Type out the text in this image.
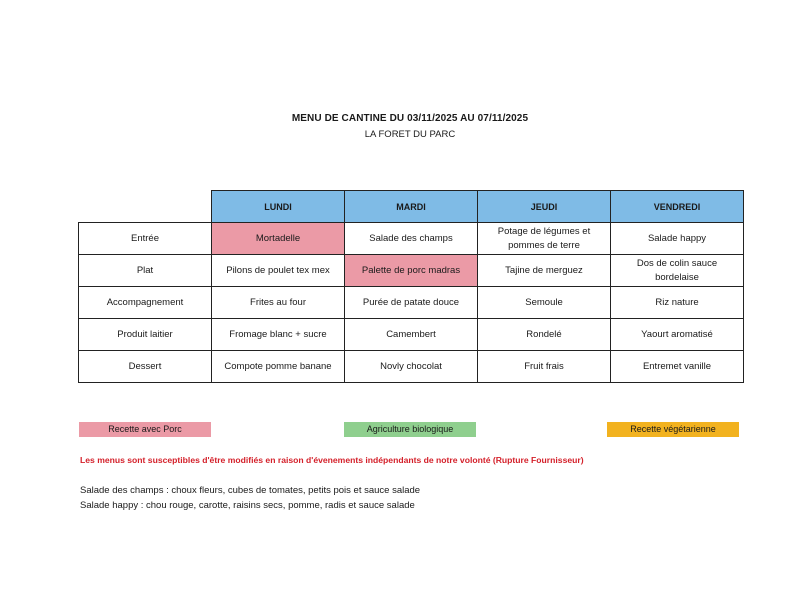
MENU DE CANTINE DU 03/11/2025 AU 07/11/2025
LA FORET DU PARC
	LUNDI	MARDI	JEUDI	VENDREDI
Entrée	Mortadelle	Salade des champs	Potage de légumes et pommes de terre	Salade happy
Plat	Pilons de poulet tex mex	Palette de porc madras	Tajine de merguez	Dos de colin sauce bordelaise
Accompagnement	Frites au four	Purée de patate douce	Semoule	Riz nature
Produit laitier	Fromage blanc + sucre	Camembert	Rondelé	Yaourt aromatisé
Dessert	Compote pomme banane	Novly chocolat	Fruit frais	Entremet vanille
Recette avec Porc	Agriculture biologique	Recette végétarienne
Les menus sont susceptibles d'être modifiés en raison d'évenements indépendants de notre volonté (Rupture Fournisseur)
Salade des champs : choux fleurs, cubes de tomates, petits pois et sauce salade
Salade happy : chou rouge, carotte, raisins secs, pomme, radis et sauce salade
